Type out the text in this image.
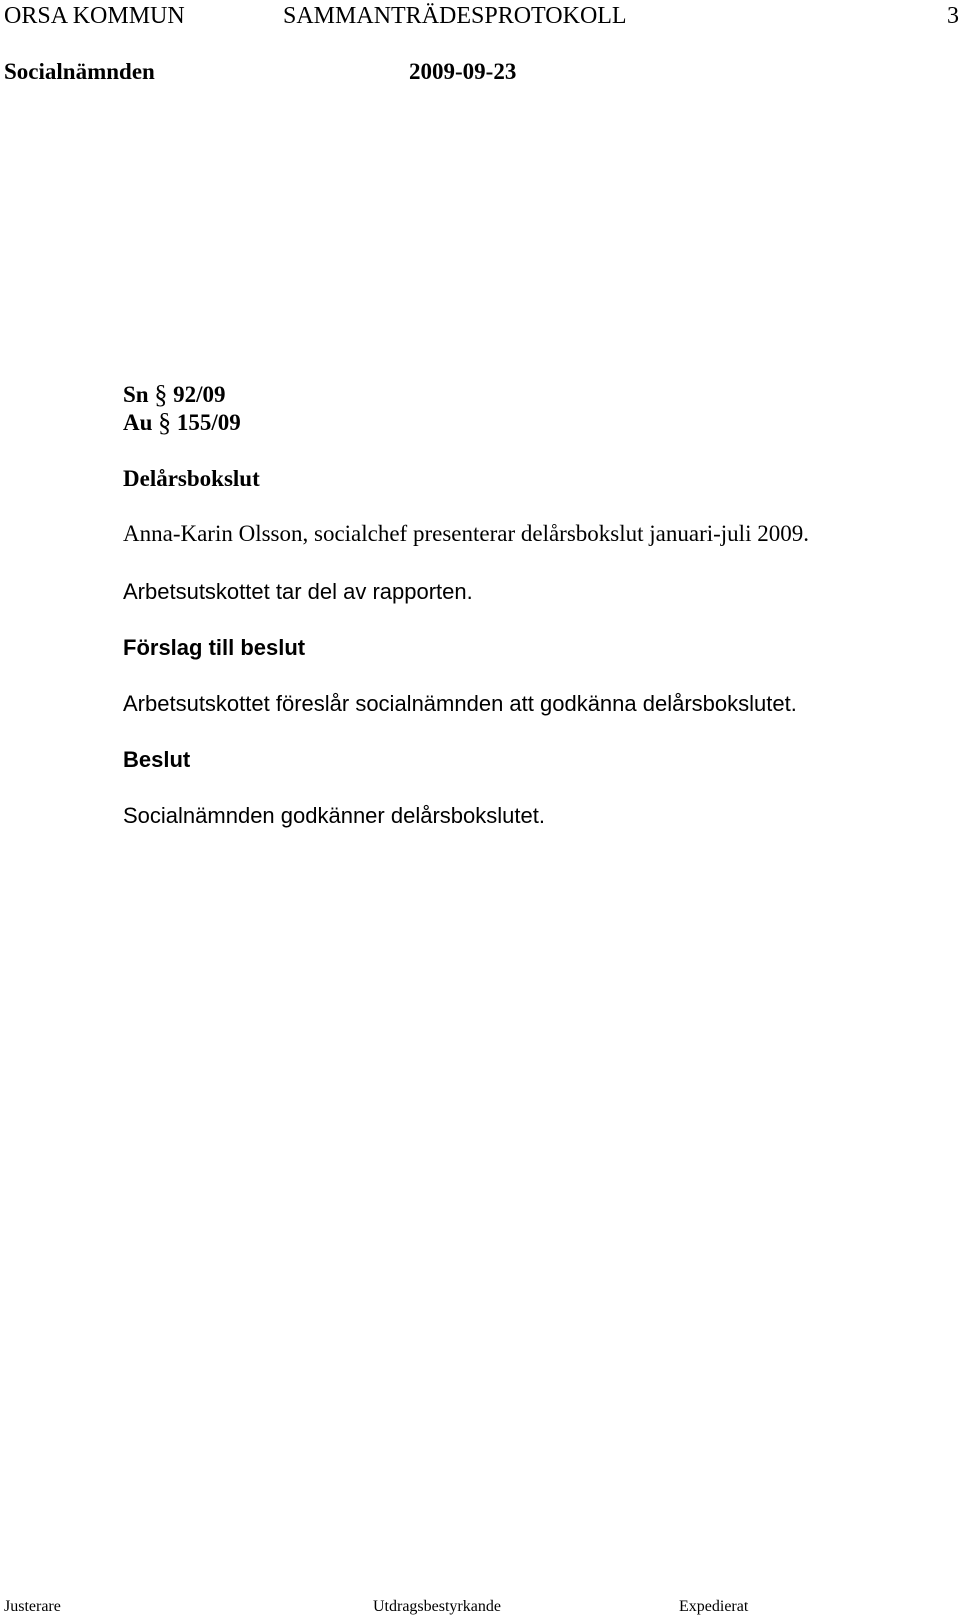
ORSA KOMMUN	SAMMANTRÄDESPROTOKOLL	3
Socialnämnden	2009-09-23
Sn § 92/09
Au § 155/09
Delårsbokslut
Anna-Karin Olsson, socialchef presenterar delårsbokslut januari-juli 2009.
Arbetsutskottet tar del av rapporten.
Förslag till beslut
Arbetsutskottet föreslår socialnämnden att godkänna delårsbokslutet.
Beslut
Socialnämnden godkänner delårsbokslutet.
Justerare	Utdragsbestyrkande	Expedierat
